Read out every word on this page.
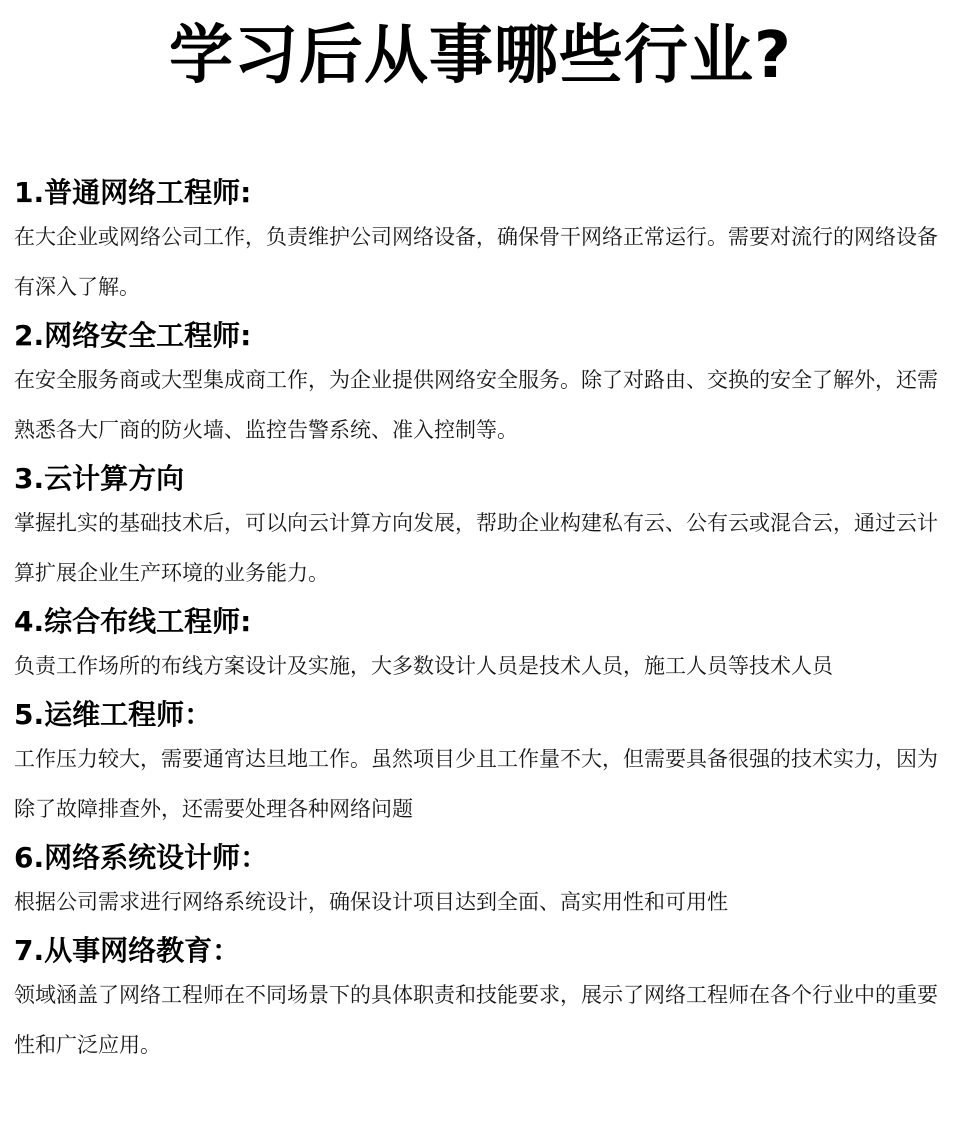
学习后从事哪些行业?
1.普通网络工程师:

在大企业或网络公司工作，负责维护公司网络设备，确保骨干网络正常运行。需要对流行的网络设备有深入了解。

2.网络安全工程师:

在安全服务商或大型集成商工作，为企业提供网络安全服务。除了对路由、交换的安全了解外，还需熟悉各大厂商的防火墙、监控告警系统、准入控制等。

3.云计算方向

掌握扎实的基础技术后，可以向云计算方向发展，帮助企业构建私有云、公有云或混合云，通过云计算扩展企业生产环境的业务能力。

4.综合布线工程师:

负责工作场所的布线方案设计及实施，大多数设计人员是技术人员，施工人员等技术人员

5.运维工程师：

工作压力较大，需要通宵达旦地工作。虽然项目少且工作量不大，但需要具备很强的技术实力，因为除了故障排查外，还需要处理各种网络问题

6.网络系统设计师：

根据公司需求进行网络系统设计，确保设计项目达到全面、高实用性和可用性

7.从事网络教育：

领域涵盖了网络工程师在不同场景下的具体职责和技能要求，展示了网络工程师在各个行业中的重要性和广泛应用。
